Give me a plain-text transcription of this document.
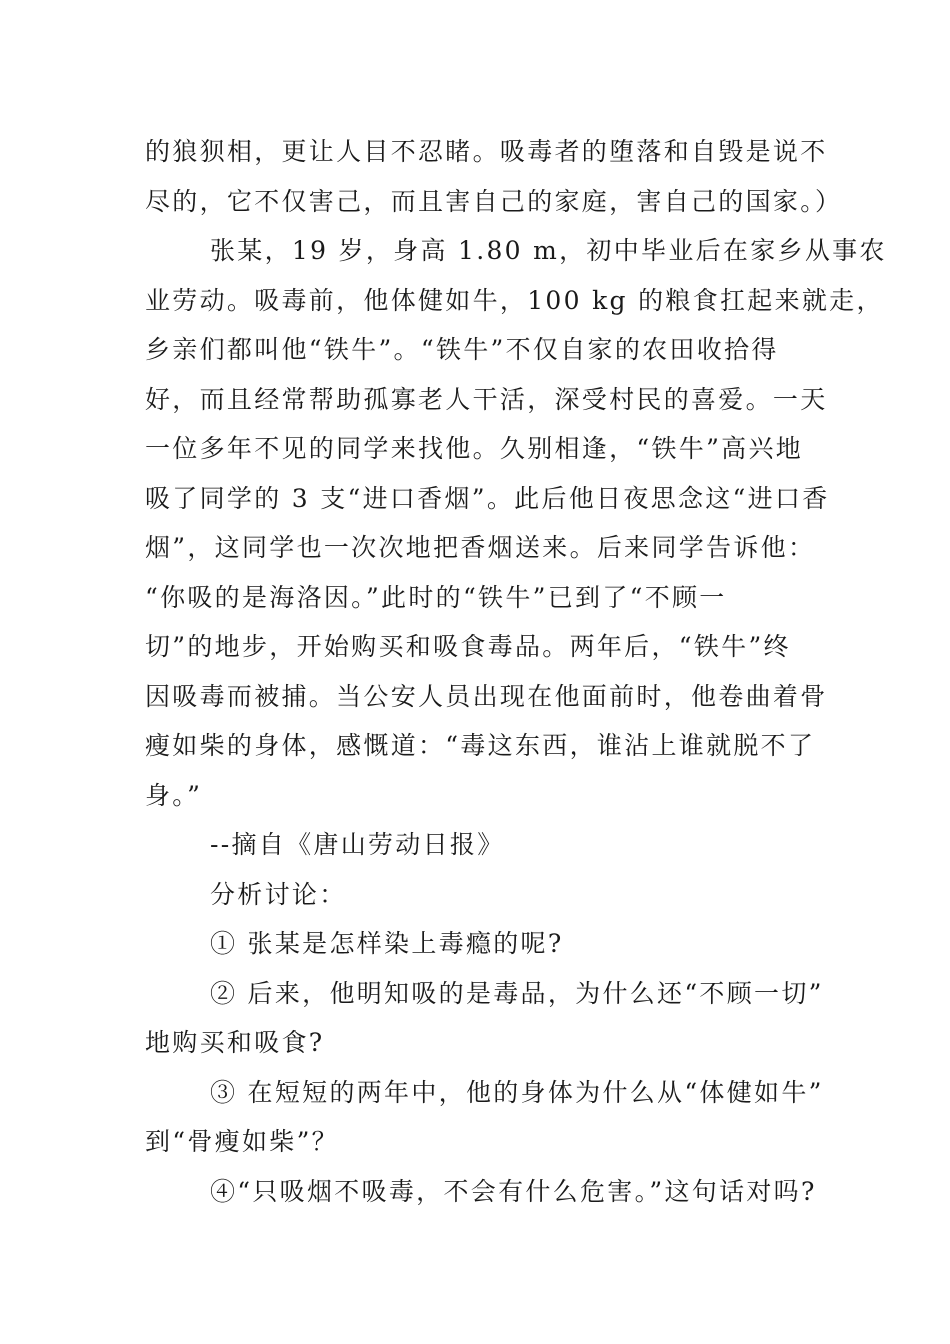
的狼狈相，更让人目不忍睹。吸毒者的堕落和自毁是说不
尽的，它不仅害己，而且害自己的家庭，害自己的国家。）
张某，19 岁，身高 1.80 m，初中毕业后在家乡从事农
业劳动。吸毒前，他体健如牛，100 kg 的粮食扛起来就走，
乡亲们都叫他“铁牛”。“铁牛”不仅自家的农田收拾得
好，而且经常帮助孤寡老人干活，深受村民的喜爱。一天
一位多年不见的同学来找他。久别相逢，“铁牛”高兴地
吸了同学的 3 支“进口香烟”。此后他日夜思念这“进口香
烟”，这同学也一次次地把香烟送来。后来同学告诉他：
“你吸的是海洛因。”此时的“铁牛”已到了“不顾一
切”的地步，开始购买和吸食毒品。两年后，“铁牛”终
因吸毒而被捕。当公安人员出现在他面前时，他卷曲着骨
瘦如柴的身体，感慨道：“毒这东西，谁沾上谁就脱不了
身。”
--摘自《唐山劳动日报》
分析讨论：
① 张某是怎样染上毒瘾的呢?
② 后来，他明知吸的是毒品，为什么还“不顾一切”
地购买和吸食?
③ 在短短的两年中，他的身体为什么从“体健如牛”
到“骨瘦如柴”？
④“只吸烟不吸毒，不会有什么危害。”这句话对吗?
